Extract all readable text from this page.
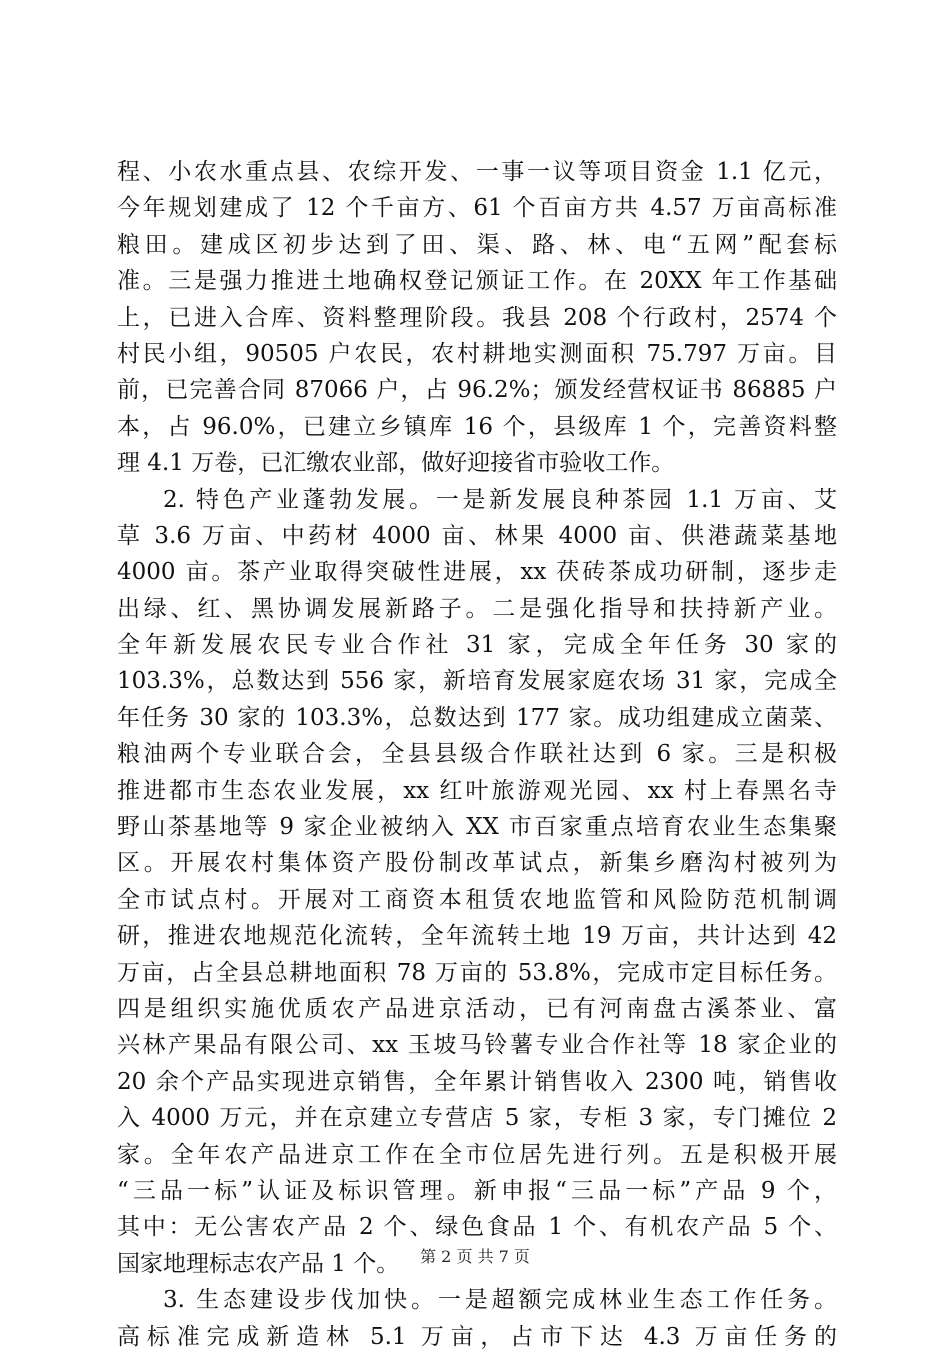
程、小农水重点县、农综开发、一事一议等项目资金 1.1 亿元，
今年规划建成了 12 个千亩方、61 个百亩方共 4.57 万亩高标准
粮田。建成区初步达到了田、渠、路、林、电“五网”配套标
准。三是强力推进土地确权登记颁证工作。在 20XX 年工作基础
上，已进入合库、资料整理阶段。我县 208 个行政村，2574 个
村民小组，90505 户农民，农村耕地实测面积 75.797 万亩。目
前，已完善合同 87066 户，占 96.2%；颁发经营权证书 86885 户
本，占 96.0%，已建立乡镇库 16 个，县级库 1 个，完善资料整
理 4.1 万卷，已汇缴农业部，做好迎接省市验收工作。
2. 特色产业蓬勃发展。一是新发展良种茶园 1.1 万亩、艾
草 3.6 万亩、中药材 4000 亩、林果 4000 亩、供港蔬菜基地
4000 亩。茶产业取得突破性进展，xx 茯砖茶成功研制，逐步走
出绿、红、黑协调发展新路子。二是强化指导和扶持新产业。
全年新发展农民专业合作社 31 家，完成全年任务 30 家的
103.3%，总数达到 556 家，新培育发展家庭农场 31 家，完成全
年任务 30 家的 103.3%，总数达到 177 家。成功组建成立菌菜、
粮油两个专业联合会，全县县级合作联社达到 6 家。三是积极
推进都市生态农业发展，xx 红叶旅游观光园、xx 村上春黑名寺
野山茶基地等 9 家企业被纳入 XX 市百家重点培育农业生态集聚
区。开展农村集体资产股份制改革试点，新集乡磨沟村被列为
全市试点村。开展对工商资本租赁农地监管和风险防范机制调
研，推进农地规范化流转，全年流转土地 19 万亩，共计达到 42
万亩，占全县总耕地面积 78 万亩的 53.8%，完成市定目标任务。
四是组织实施优质农产品进京活动，已有河南盘古溪茶业、富
兴林产果品有限公司、xx 玉坡马铃薯专业合作社等 18 家企业的
20 余个产品实现进京销售，全年累计销售收入 2300 吨，销售收
入 4000 万元，并在京建立专营店 5 家，专柜 3 家，专门摊位 2
家。全年农产品进京工作在全市位居先进行列。五是积极开展
“三品一标”认证及标识管理。新申报“三品一标”产品 9 个，
其中：无公害农产品 2 个、绿色食品 1 个、有机农产品 5 个、
国家地理标志农产品 1 个。
3. 生态建设步伐加快。一是超额完成林业生态工作任务。
高标准完成新造林 5.1 万亩，占市下达 4.3 万亩任务的
第 2 页 共 7 页
